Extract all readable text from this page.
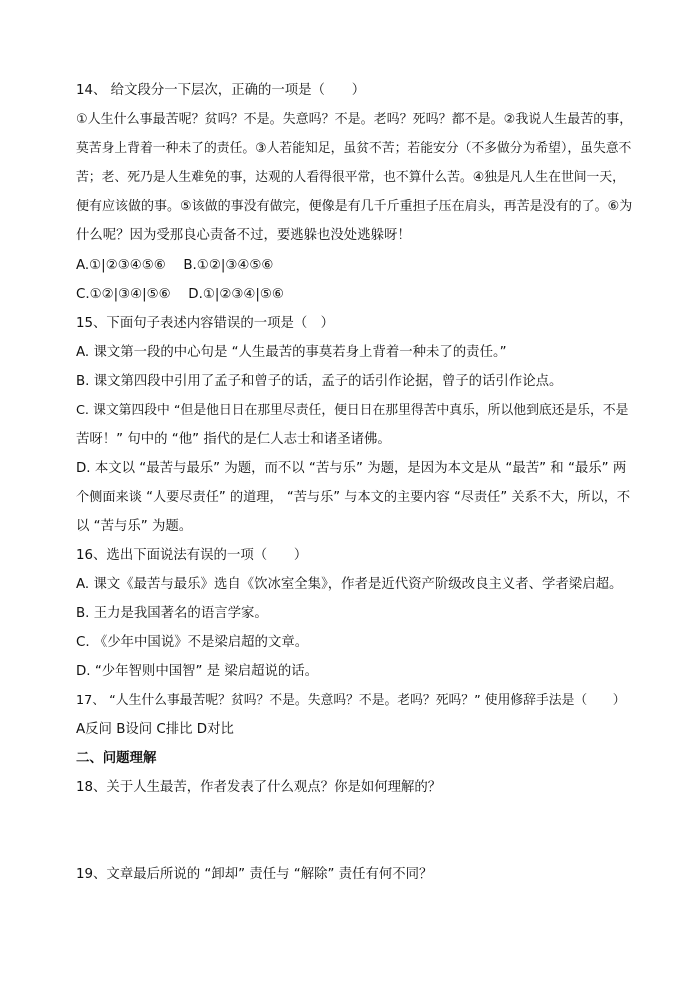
14、 给文段分一下层次，正确的一项是（　　）
①人生什么事最苦呢？贫吗？不是。失意吗？不是。老吗？死吗？都不是。②我说人生最苦的事，
莫苦身上背着一种未了的责任。③人若能知足，虽贫不苦；若能安分（不多做分为希望），虽失意不
苦；老、死乃是人生难免的事，达观的人看得很平常，也不算什么苦。④独是凡人生在世间一天，
便有应该做的事。⑤该做的事没有做完，便像是有几千斤重担子压在肩头，再苦是没有的了。⑥为
什么呢？因为受那良心责备不过，要逃躲也没处逃躲呀！
A.①|②③④⑤⑥　 B.①②|③④⑤⑥
C.①②|③④|⑤⑥　 D.①|②③④|⑤⑥
15、下面句子表述内容错误的一项是（　）
A. 课文第一段的中心句是 “人生最苦的事莫若身上背着一种未了的责任。”
B. 课文第四段中引用了孟子和曾子的话，孟子的话引作论据，曾子的话引作论点。
C. 课文第四段中 “但是他日日在那里尽责任，便日日在那里得苦中真乐，所以他到底还是乐，不是
苦呀！” 句中的 “他” 指代的是仁人志士和诸圣诸佛。
D. 本文以 “最苦与最乐” 为题，而不以 “苦与乐” 为题，是因为本文是从 “最苦” 和 “最乐” 两
个侧面来谈 “人要尽责任” 的道理， “苦与乐” 与本文的主要内容 “尽责任” 关系不大，所以，不
以 “苦与乐” 为题。
16、选出下面说法有误的一项（　　）
A. 课文《最苦与最乐》选自《饮冰室全集》，作者是近代资产阶级改良主义者、学者梁启超。
B. 王力是我国著名的语言学家。
C. 《少年中国说》不是梁启超的文章。
D. “少年智则中国智” 是 梁启超说的话。
17、 “人生什么事最苦呢？贫吗？不是。失意吗？不是。老吗？死吗？” 使用修辞手法是（　　）
A反问 B设问 C排比 D对比
二、问题理解
18、关于人生最苦，作者发表了什么观点？你是如何理解的？
19、文章最后所说的 “卸却” 责任与 “解除” 责任有何不同？
